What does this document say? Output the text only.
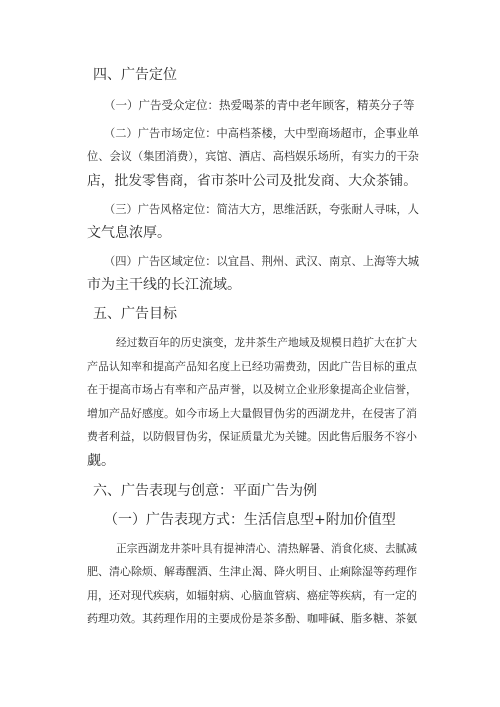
四、广告定位
（一）广告受众定位：热爱喝茶的青中老年顾客，精英分子等
（二）广告市场定位：中高档茶楼，大中型商场超市，企事业单
位、会议（集团消费），宾馆、酒店、高档娱乐场所，有实力的干杂
店，批发零售商，省市茶叶公司及批发商、大众茶铺。
（三）广告风格定位：简洁大方，思维活跃，夸张耐人寻味，人
文气息浓厚。
（四）广告区域定位：以宜昌、荆州、武汉、南京、上海等大城
市为主干线的长江流域。
五、广告目标
经过数百年的历史演变，龙井茶生产地域及规模日趋扩大在扩大
产品认知率和提高产品知名度上已经功需费劲，因此广告目标的重点
在于提高市场占有率和产品声誉，以及树立企业形象提高企业信誉，
增加产品好感度。如今市场上大量假冒伪劣的西湖龙井，在侵害了消
费者利益，以防假冒伪劣，保证质量尤为关键。因此售后服务不容小
觑。
六、广告表现与创意：平面广告为例
（一）广告表现方式：生活信息型+附加价值型
正宗西湖龙井茶叶具有提神清心、清热解暑、消食化痰、去腻减
肥、清心除烦、解毒醒酒、生津止渴、降火明目、止痢除湿等药理作
用，还对现代疾病，如辐射病、心脑血管病、癌症等疾病，有一定的
药理功效。其药理作用的主要成份是茶多酚、咖啡碱、脂多糖、茶氨
